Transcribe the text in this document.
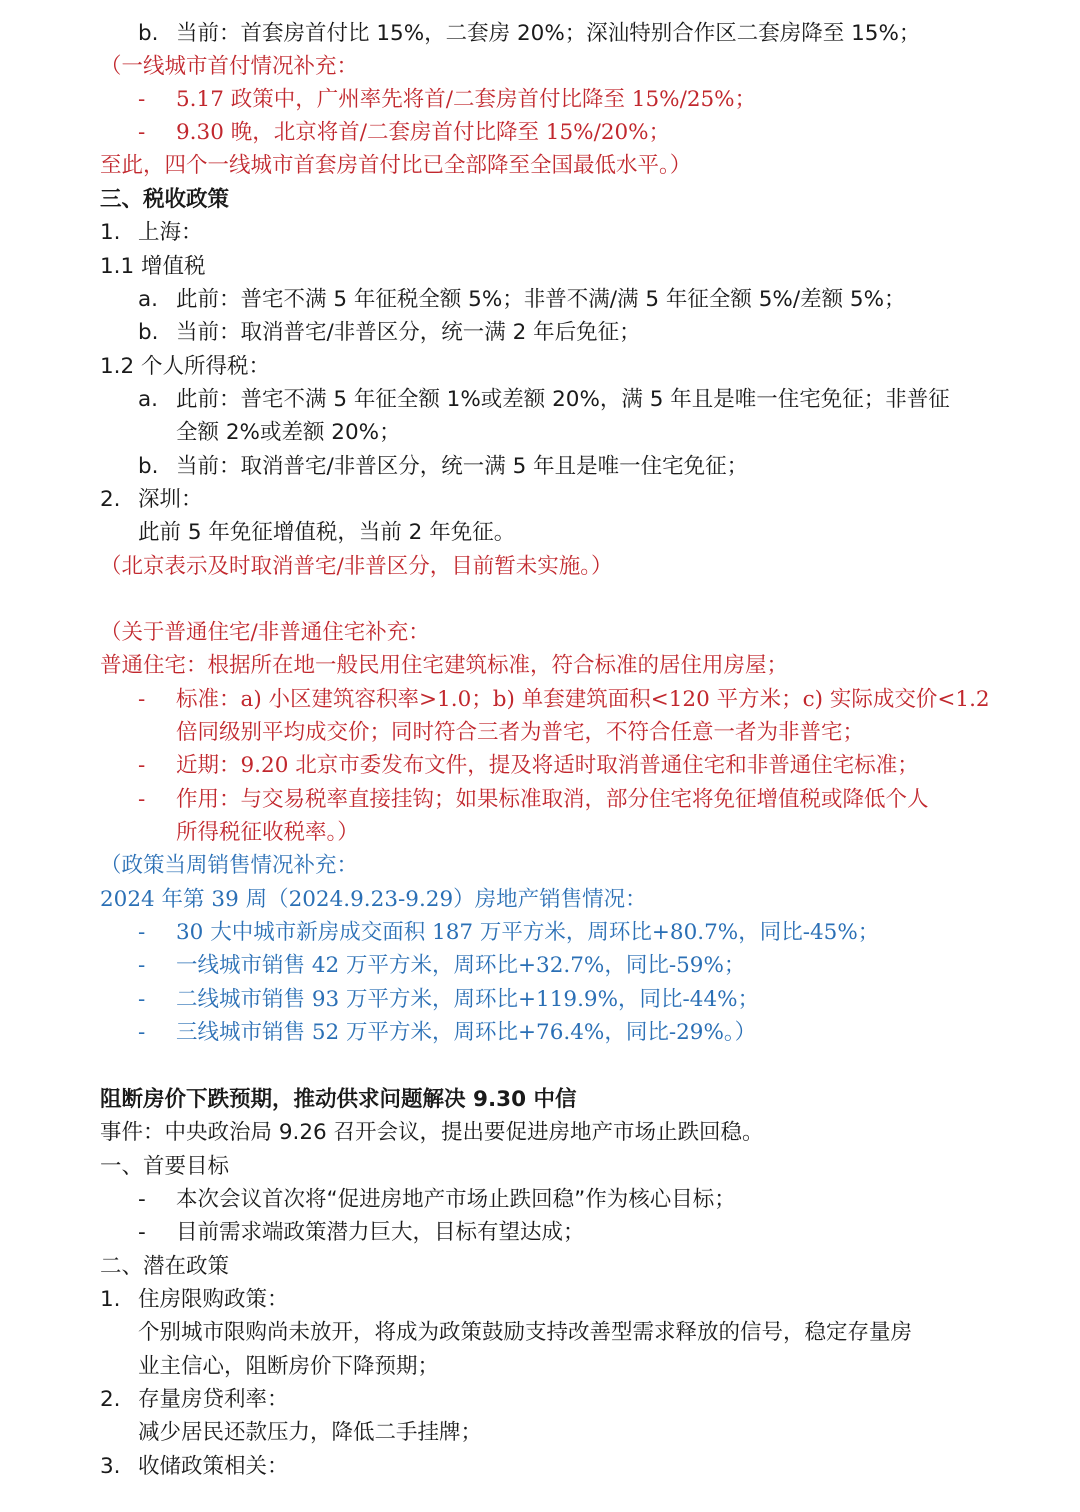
b. 当前：首套房首付比 15%，二套房 20%；深汕特别合作区二套房降至 15%；
（一线城市首付情况补充：
- 5.17 政策中，广州率先将首/二套房首付比降至 15%/25%；
- 9.30 晚，北京将首/二套房首付比降至 15%/20%；
至此，四个一线城市首套房首付比已全部降至全国最低水平。）
三、税收政策
1. 上海：
1.1 增值税
a. 此前：普宅不满 5 年征税全额 5%；非普不满/满 5 年征全额 5%/差额 5%；
b. 当前：取消普宅/非普区分，统一满 2 年后免征；
1.2 个人所得税：
a. 此前：普宅不满 5 年征全额 1%或差额 20%，满 5 年且是唯一住宅免征；非普征
全额 2%或差额 20%；
b. 当前：取消普宅/非普区分，统一满 5 年且是唯一住宅免征；
2. 深圳：
此前 5 年免征增值税，当前 2 年免征。
（北京表示及时取消普宅/非普区分，目前暂未实施。）
（关于普通住宅/非普通住宅补充：
普通住宅：根据所在地一般民用住宅建筑标准，符合标准的居住用房屋；
- 标准：a) 小区建筑容积率>1.0；b) 单套建筑面积<120 平方米；c) 实际成交价<1.2
倍同级别平均成交价；同时符合三者为普宅，不符合任意一者为非普宅；
- 近期：9.20 北京市委发布文件，提及将适时取消普通住宅和非普通住宅标准；
- 作用：与交易税率直接挂钩；如果标准取消，部分住宅将免征增值税或降低个人
所得税征收税率。）
（政策当周销售情况补充：
2024 年第 39 周（2024.9.23-9.29）房地产销售情况：
- 30 大中城市新房成交面积 187 万平方米，周环比+80.7%，同比-45%；
- 一线城市销售 42 万平方米，周环比+32.7%，同比-59%；
- 二线城市销售 93 万平方米，周环比+119.9%，同比-44%；
- 三线城市销售 52 万平方米，周环比+76.4%，同比-29%。）
阻断房价下跌预期，推动供求问题解决 9.30 中信
事件：中央政治局 9.26 召开会议，提出要促进房地产市场止跌回稳。
一、首要目标
- 本次会议首次将“促进房地产市场止跌回稳”作为核心目标；
- 目前需求端政策潜力巨大，目标有望达成；
二、潜在政策
1. 住房限购政策：
个别城市限购尚未放开，将成为政策鼓励支持改善型需求释放的信号，稳定存量房
业主信心，阻断房价下降预期；
2. 存量房贷利率：
减少居民还款压力，降低二手挂牌；
3. 收储政策相关：
